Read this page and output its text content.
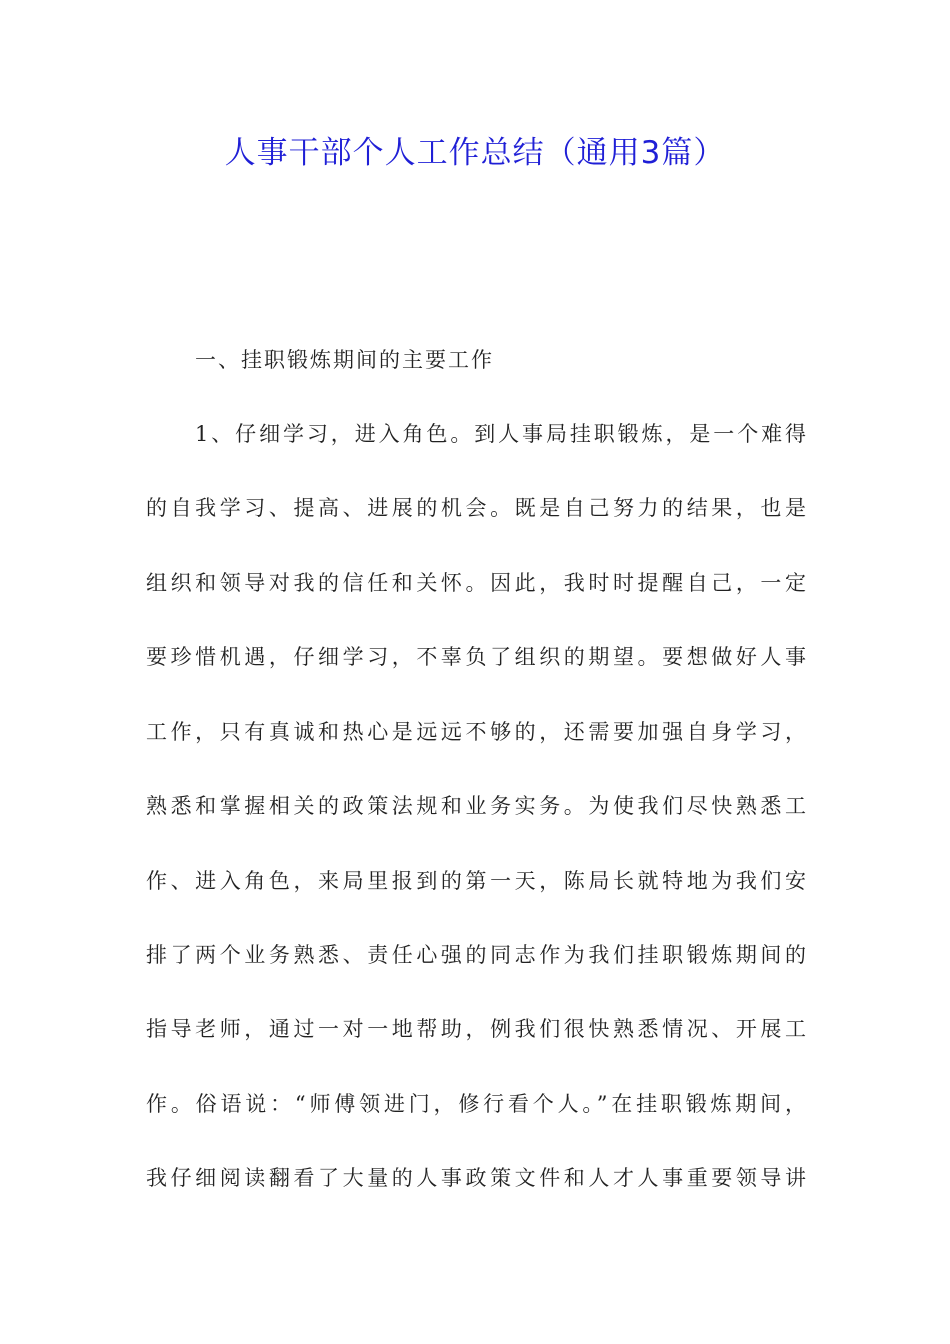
人事干部个人工作总结（通用3篇）

一、挂职锻炼期间的主要工作

1、仔细学习，进入角色。到人事局挂职锻炼，是一个难得

的自我学习、提高、进展的机会。既是自己努力的结果，也是

组织和领导对我的信任和关怀。因此，我时时提醒自己，一定

要珍惜机遇，仔细学习，不辜负了组织的期望。要想做好人事

工作，只有真诚和热心是远远不够的，还需要加强自身学习，

熟悉和掌握相关的政策法规和业务实务。为使我们尽快熟悉工

作、进入角色，来局里报到的第一天，陈局长就特地为我们安

排了两个业务熟悉、责任心强的同志作为我们挂职锻炼期间的

指导老师，通过一对一地帮助，例我们很快熟悉情况、开展工

作。俗语说：“师傅领进门，修行看个人。”在挂职锻炼期间，

我仔细阅读翻看了大量的人事政策文件和人才人事重要领导讲
